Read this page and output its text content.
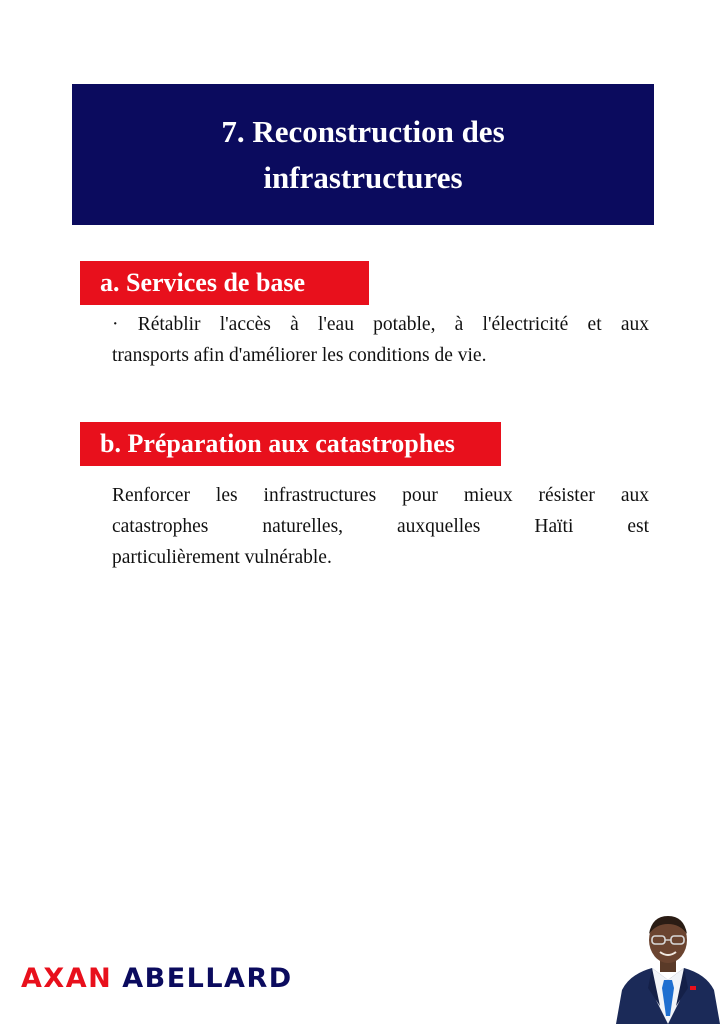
7. Reconstruction des
infrastructures
a. Services de base
· Rétablir l'accès à l'eau potable, à l'électricité et aux
transports afin d'améliorer les conditions de vie.
b. Préparation aux catastrophes
Renforcer les infrastructures pour mieux résister aux
catastrophes naturelles, auxquelles Haïti est
particulièrement vulnérable.
AXAN ABELLARD
